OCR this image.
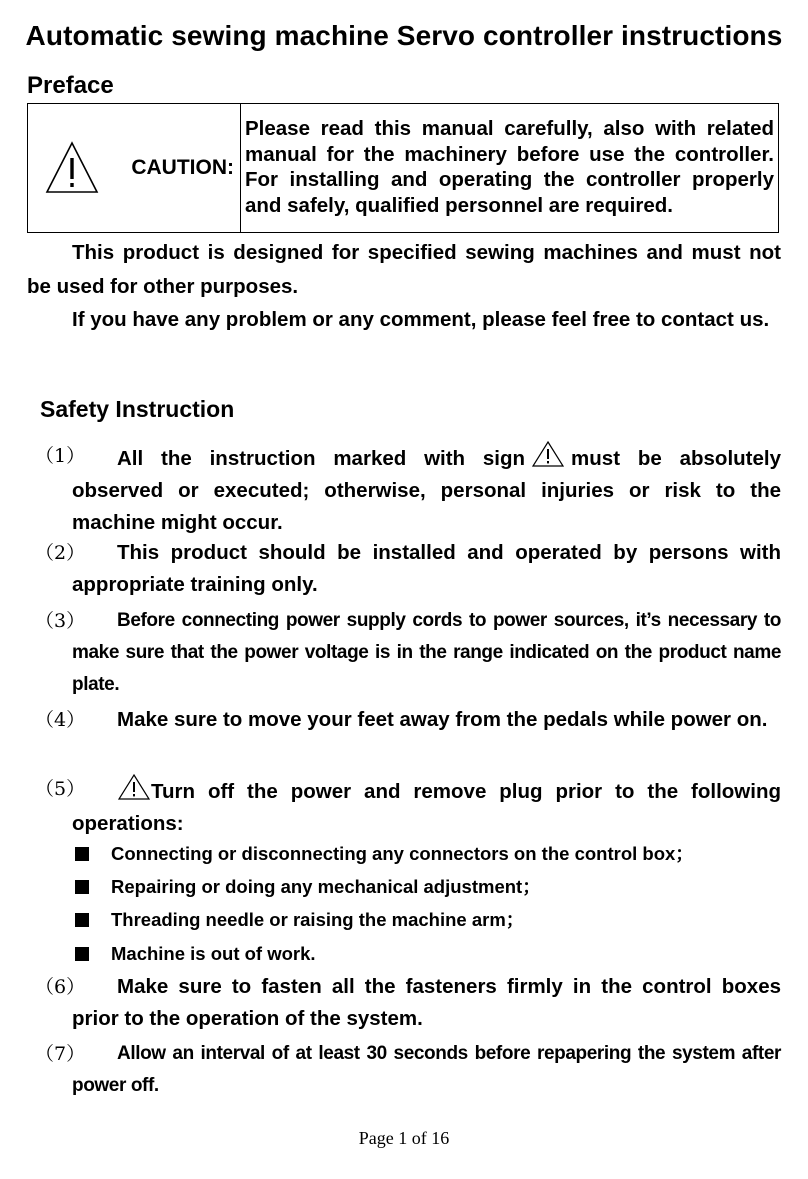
Automatic sewing machine Servo controller instructions
Preface
CAUTION:
	Please read this manual carefully, also with related manual for the machinery before use the controller. For installing and operating the controller properly and safely, qualified personnel are required.

This product is designed for specified sewing machines and must not be used for other purposes.

If you have any problem or any comment, please feel free to contact us.

Safety Instruction
（1）	All the instruction marked with sign must be absolutely observed or executed; otherwise, personal injuries or risk to the machine might occur.
（2）	This product should be installed and operated by persons with appropriate training only.
（3）	Before connecting power supply cords to power sources, it’s necessary to make sure that the power voltage is in the range indicated on the product name plate.
（4）	Make sure to move your feet away from the pedals while power on.
（5）	Turn off the power and remove plug prior to the following operations:
Connecting or disconnecting any connectors on the control box；
Repairing or doing any mechanical adjustment；
Threading needle or raising the machine arm；
Machine is out of work.
（6）	Make sure to fasten all the fasteners firmly in the control boxes prior to the operation of the system.
（7）	Allow an interval of at least 30 seconds before repapering the system after power off.
Page 1 of 16
